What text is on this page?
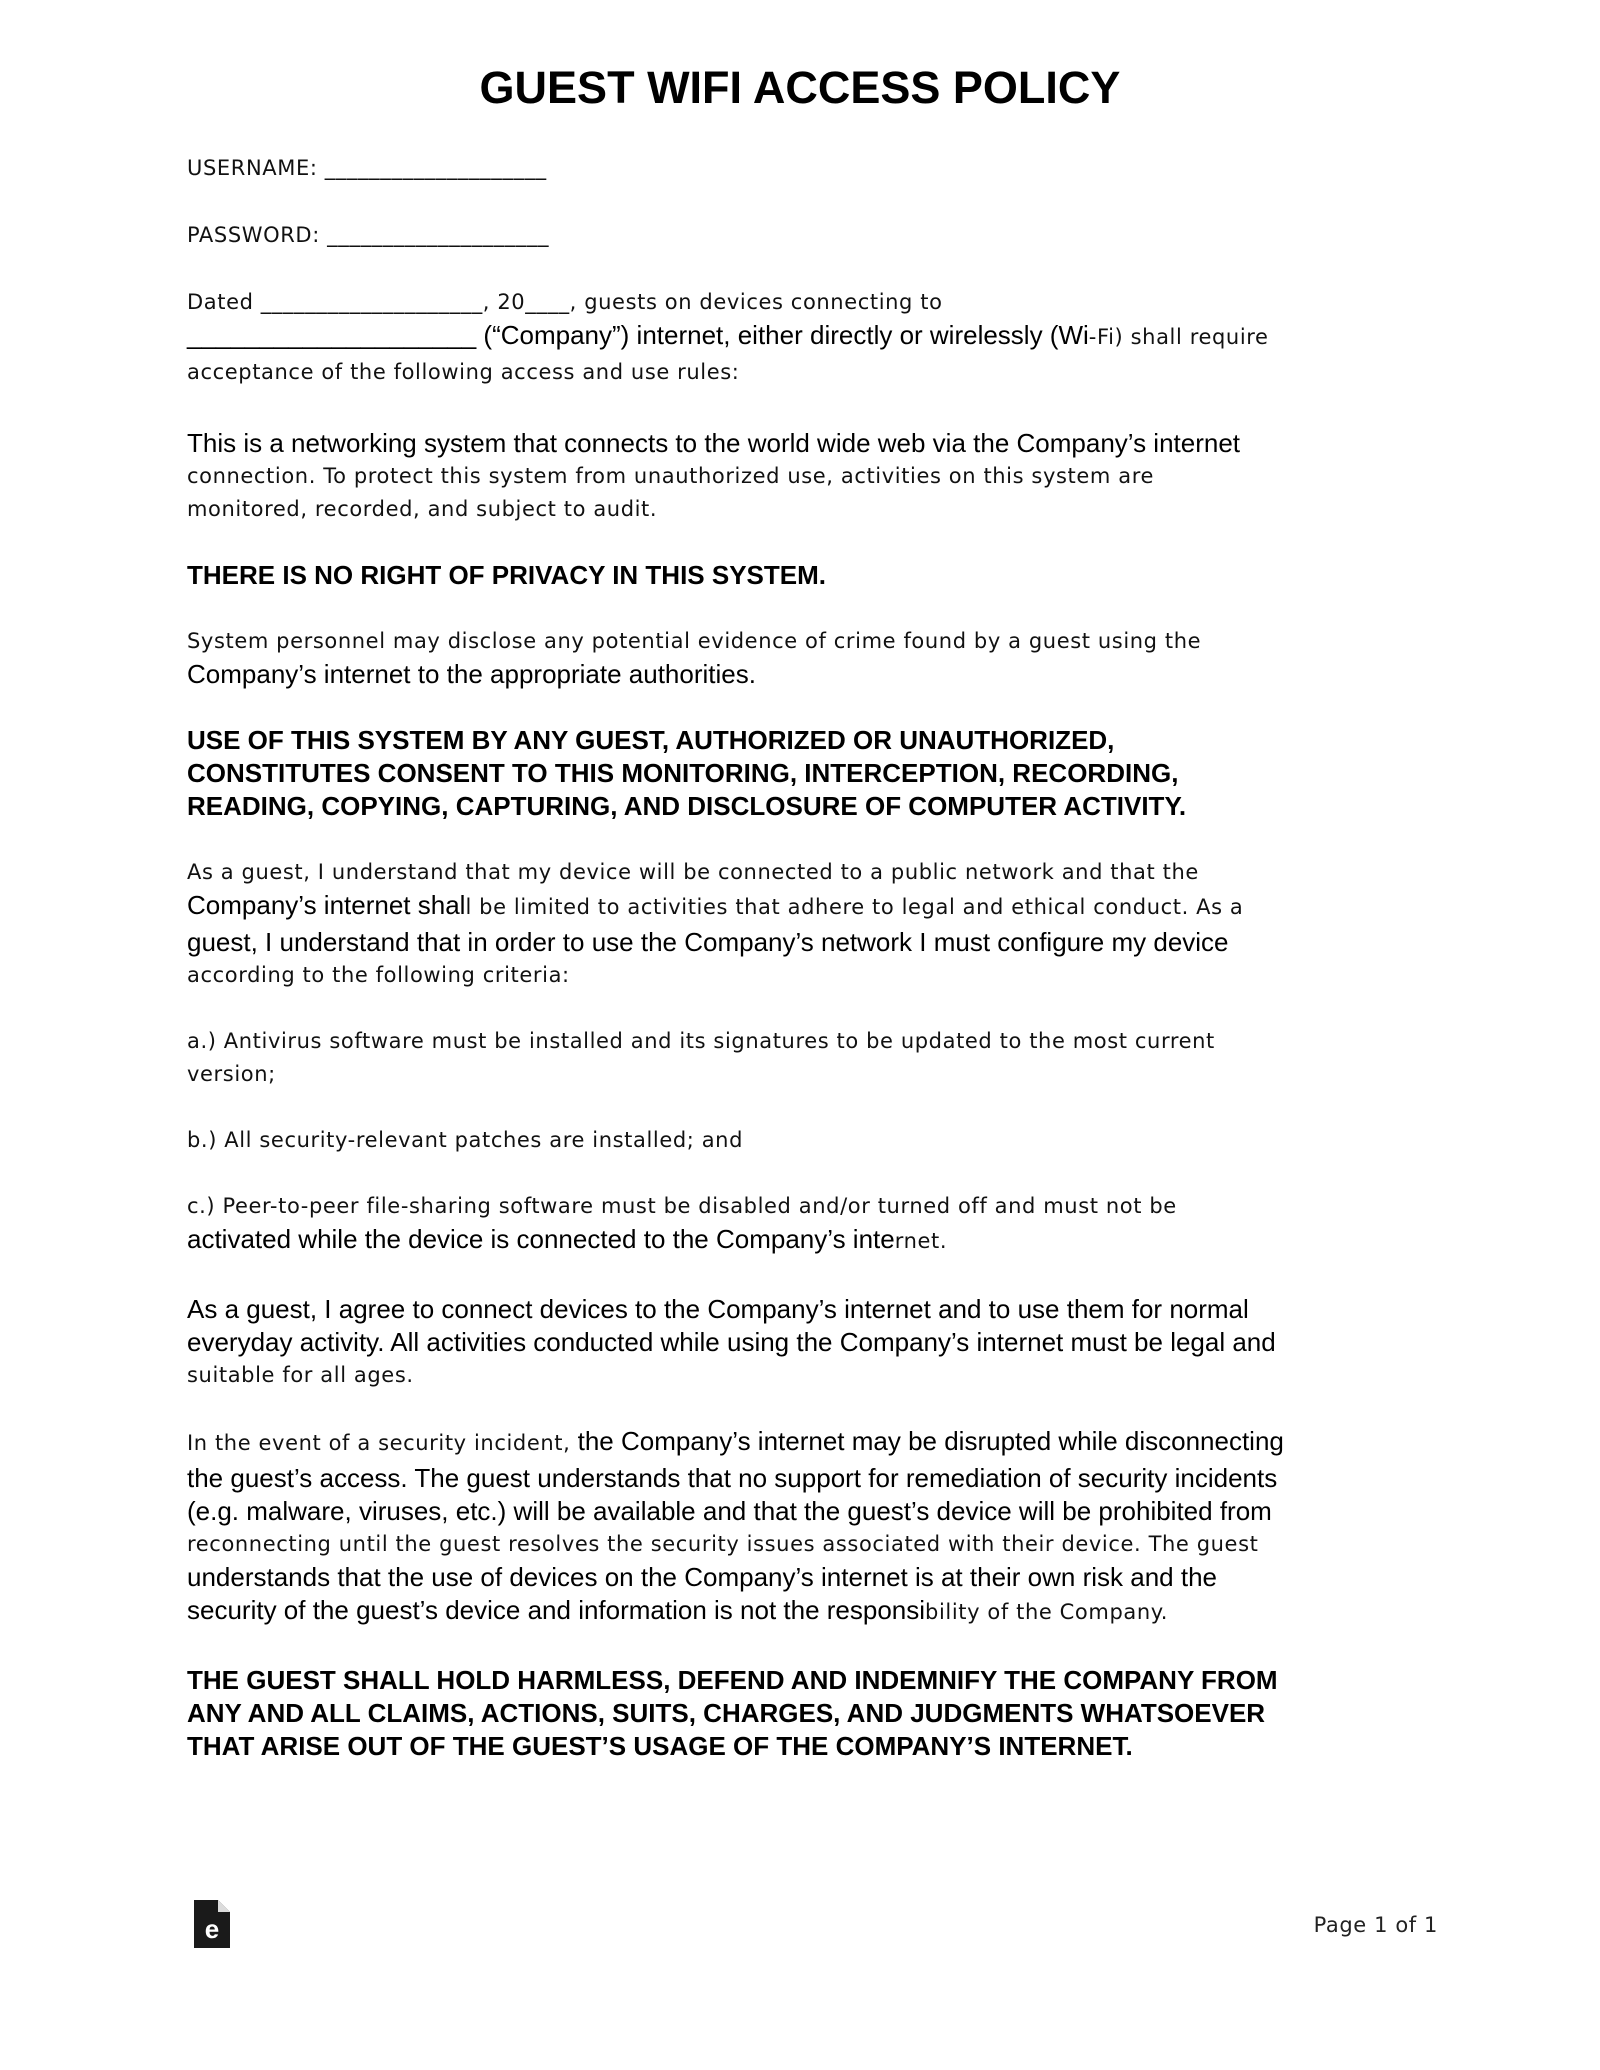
GUEST WIFI ACCESS POLICY

USERNAME: ____________________

PASSWORD: ____________________

Dated ____________________, 20____, guests on devices connecting to

____________________ (“Company”) internet, either directly or wirelessly (Wi-Fi) shall require

acceptance of the following access and use rules:

This is a networking system that connects to the world wide web via the Company’s internet

connection. To protect this system from unauthorized use, activities on this system are

monitored, recorded, and subject to audit.

THERE IS NO RIGHT OF PRIVACY IN THIS SYSTEM.

System personnel may disclose any potential evidence of crime found by a guest using the

Company’s internet to the appropriate authorities.

USE OF THIS SYSTEM BY ANY GUEST, AUTHORIZED OR UNAUTHORIZED,

CONSTITUTES CONSENT TO THIS MONITORING, INTERCEPTION, RECORDING,

READING, COPYING, CAPTURING, AND DISCLOSURE OF COMPUTER ACTIVITY.

As a guest, I understand that my device will be connected to a public network and that the

Company’s internet shall be limited to activities that adhere to legal and ethical conduct. As a

guest, I understand that in order to use the Company’s network I must configure my device

according to the following criteria:

a.) Antivirus software must be installed and its signatures to be updated to the most current

version;

b.) All security-relevant patches are installed; and

c.) Peer-to-peer file-sharing software must be disabled and/or turned off and must not be

activated while the device is connected to the Company’s internet.

As a guest, I agree to connect devices to the Company’s internet and to use them for normal

everyday activity. All activities conducted while using the Company’s internet must be legal and

suitable for all ages.

In the event of a security incident, the Company’s internet may be disrupted while disconnecting

the guest’s access. The guest understands that no support for remediation of security incidents

(e.g. malware, viruses, etc.) will be available and that the guest’s device will be prohibited from

reconnecting until the guest resolves the security issues associated with their device. The guest

understands that the use of devices on the Company’s internet is at their own risk and the

security of the guest’s device and information is not the responsibility of the Company.

THE GUEST SHALL HOLD HARMLESS, DEFEND AND INDEMNIFY THE COMPANY FROM

ANY AND ALL CLAIMS, ACTIONS, SUITS, CHARGES, AND JUDGMENTS WHATSOEVER

THAT ARISE OUT OF THE GUEST’S USAGE OF THE COMPANY’S INTERNET.

e	Page 1 of 1
